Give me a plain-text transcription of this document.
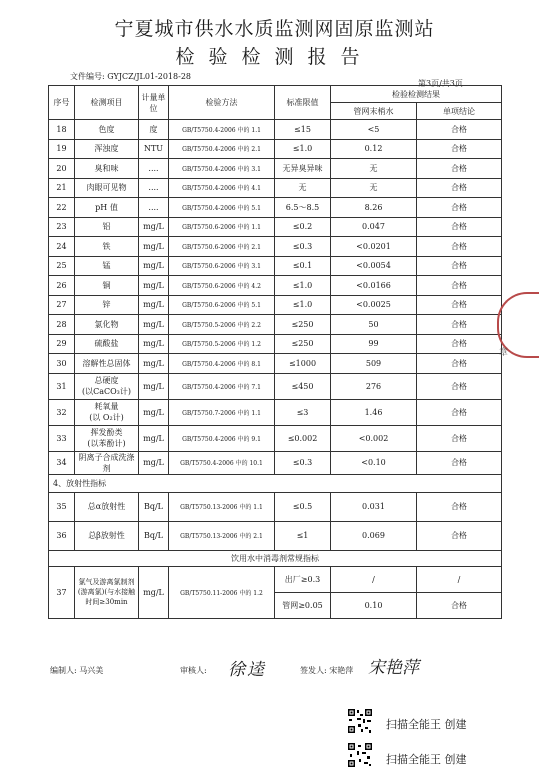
宁夏城市供水水质监测网固原监测站
检验检测报告
文件编号: GYJCZ/JL01-2018-28
第3页/共3页
序号	检测项目	计量单位	检验方法	标准限值	检验检测结果	
					管网末梢水	单项结论
18	色度	度	GB/T5750.4-2006 中的 1.1	≤15	<5	合格
19	浑浊度	NTU	GB/T5750.4-2006 中的 2.1	≤1.0	0.12	合格
20	臭和味	....	GB/T5750.4-2006 中的 3.1	无异臭异味	无	合格
21	肉眼可见物	....	GB/T5750.4-2006 中的 4.1	无	无	合格
22	pH 值	....	GB/T5750.4-2006 中的 5.1	6.5～8.5	8.26	合格
23	铝	mg/L	GB/T5750.6-2006 中的 1.1	≤0.2	0.047	合格
24	铁	mg/L	GB/T5750.6-2006 中的 2.1	≤0.3	<0.0201	合格
25	锰	mg/L	GB/T5750.6-2006 中的 3.1	≤0.1	<0.0054	合格
26	铜	mg/L	GB/T5750.6-2006 中的 4.2	≤1.0	<0.0166	合格
27	锌	mg/L	GB/T5750.6-2006 中的 5.1	≤1.0	<0.0025	合格
28	氯化物	mg/L	GB/T5750.5-2006 中的 2.2	≤250	50	合格
29	硫酸盐	mg/L	GB/T5750.5-2006 中的 1.2	≤250	99	合格
30	溶解性总固体	mg/L	GB/T5750.4-2006 中的 8.1	≤1000	509	合格
31	总硬度
(以CaCO₃计)	mg/L	GB/T5750.4-2006 中的 7.1	≤450	276	合格
32	耗氧量
(以 O₂计)	mg/L	GB/T5750.7-2006 中的 1.1	≤3	1.46	合格
33	挥发酚类
(以苯酚计)	mg/L	GB/T5750.4-2006 中的 9.1	≤0.002	<0.002	合格
34	阴离子合成洗涤剂	mg/L	GB/T5750.4-2006 中的 10.1	≤0.3	<0.10	合格
4、放射性指标						
35	总α放射性	Bq/L	GB/T5750.13-2006 中的 1.1	≤0.5	0.031	合格
36	总β放射性	Bq/L	GB/T5750.13-2006 中的 2.1	≤1	0.069	合格
饮用水中消毒剂常规指标						
37	氯气及游离氯制剂(游离氯)(与水接触时间≥30min	mg/L	GB/T5750.11-2006 中的 1.2	出厂≥0.3	/	/
				管网≥0.05	0.10	合格
编制人: 马兴美	审核人: 徐逵	签发人: 宋艳萍 宋艳萍
章
扫描全能王 创建
扫描全能王 创建
